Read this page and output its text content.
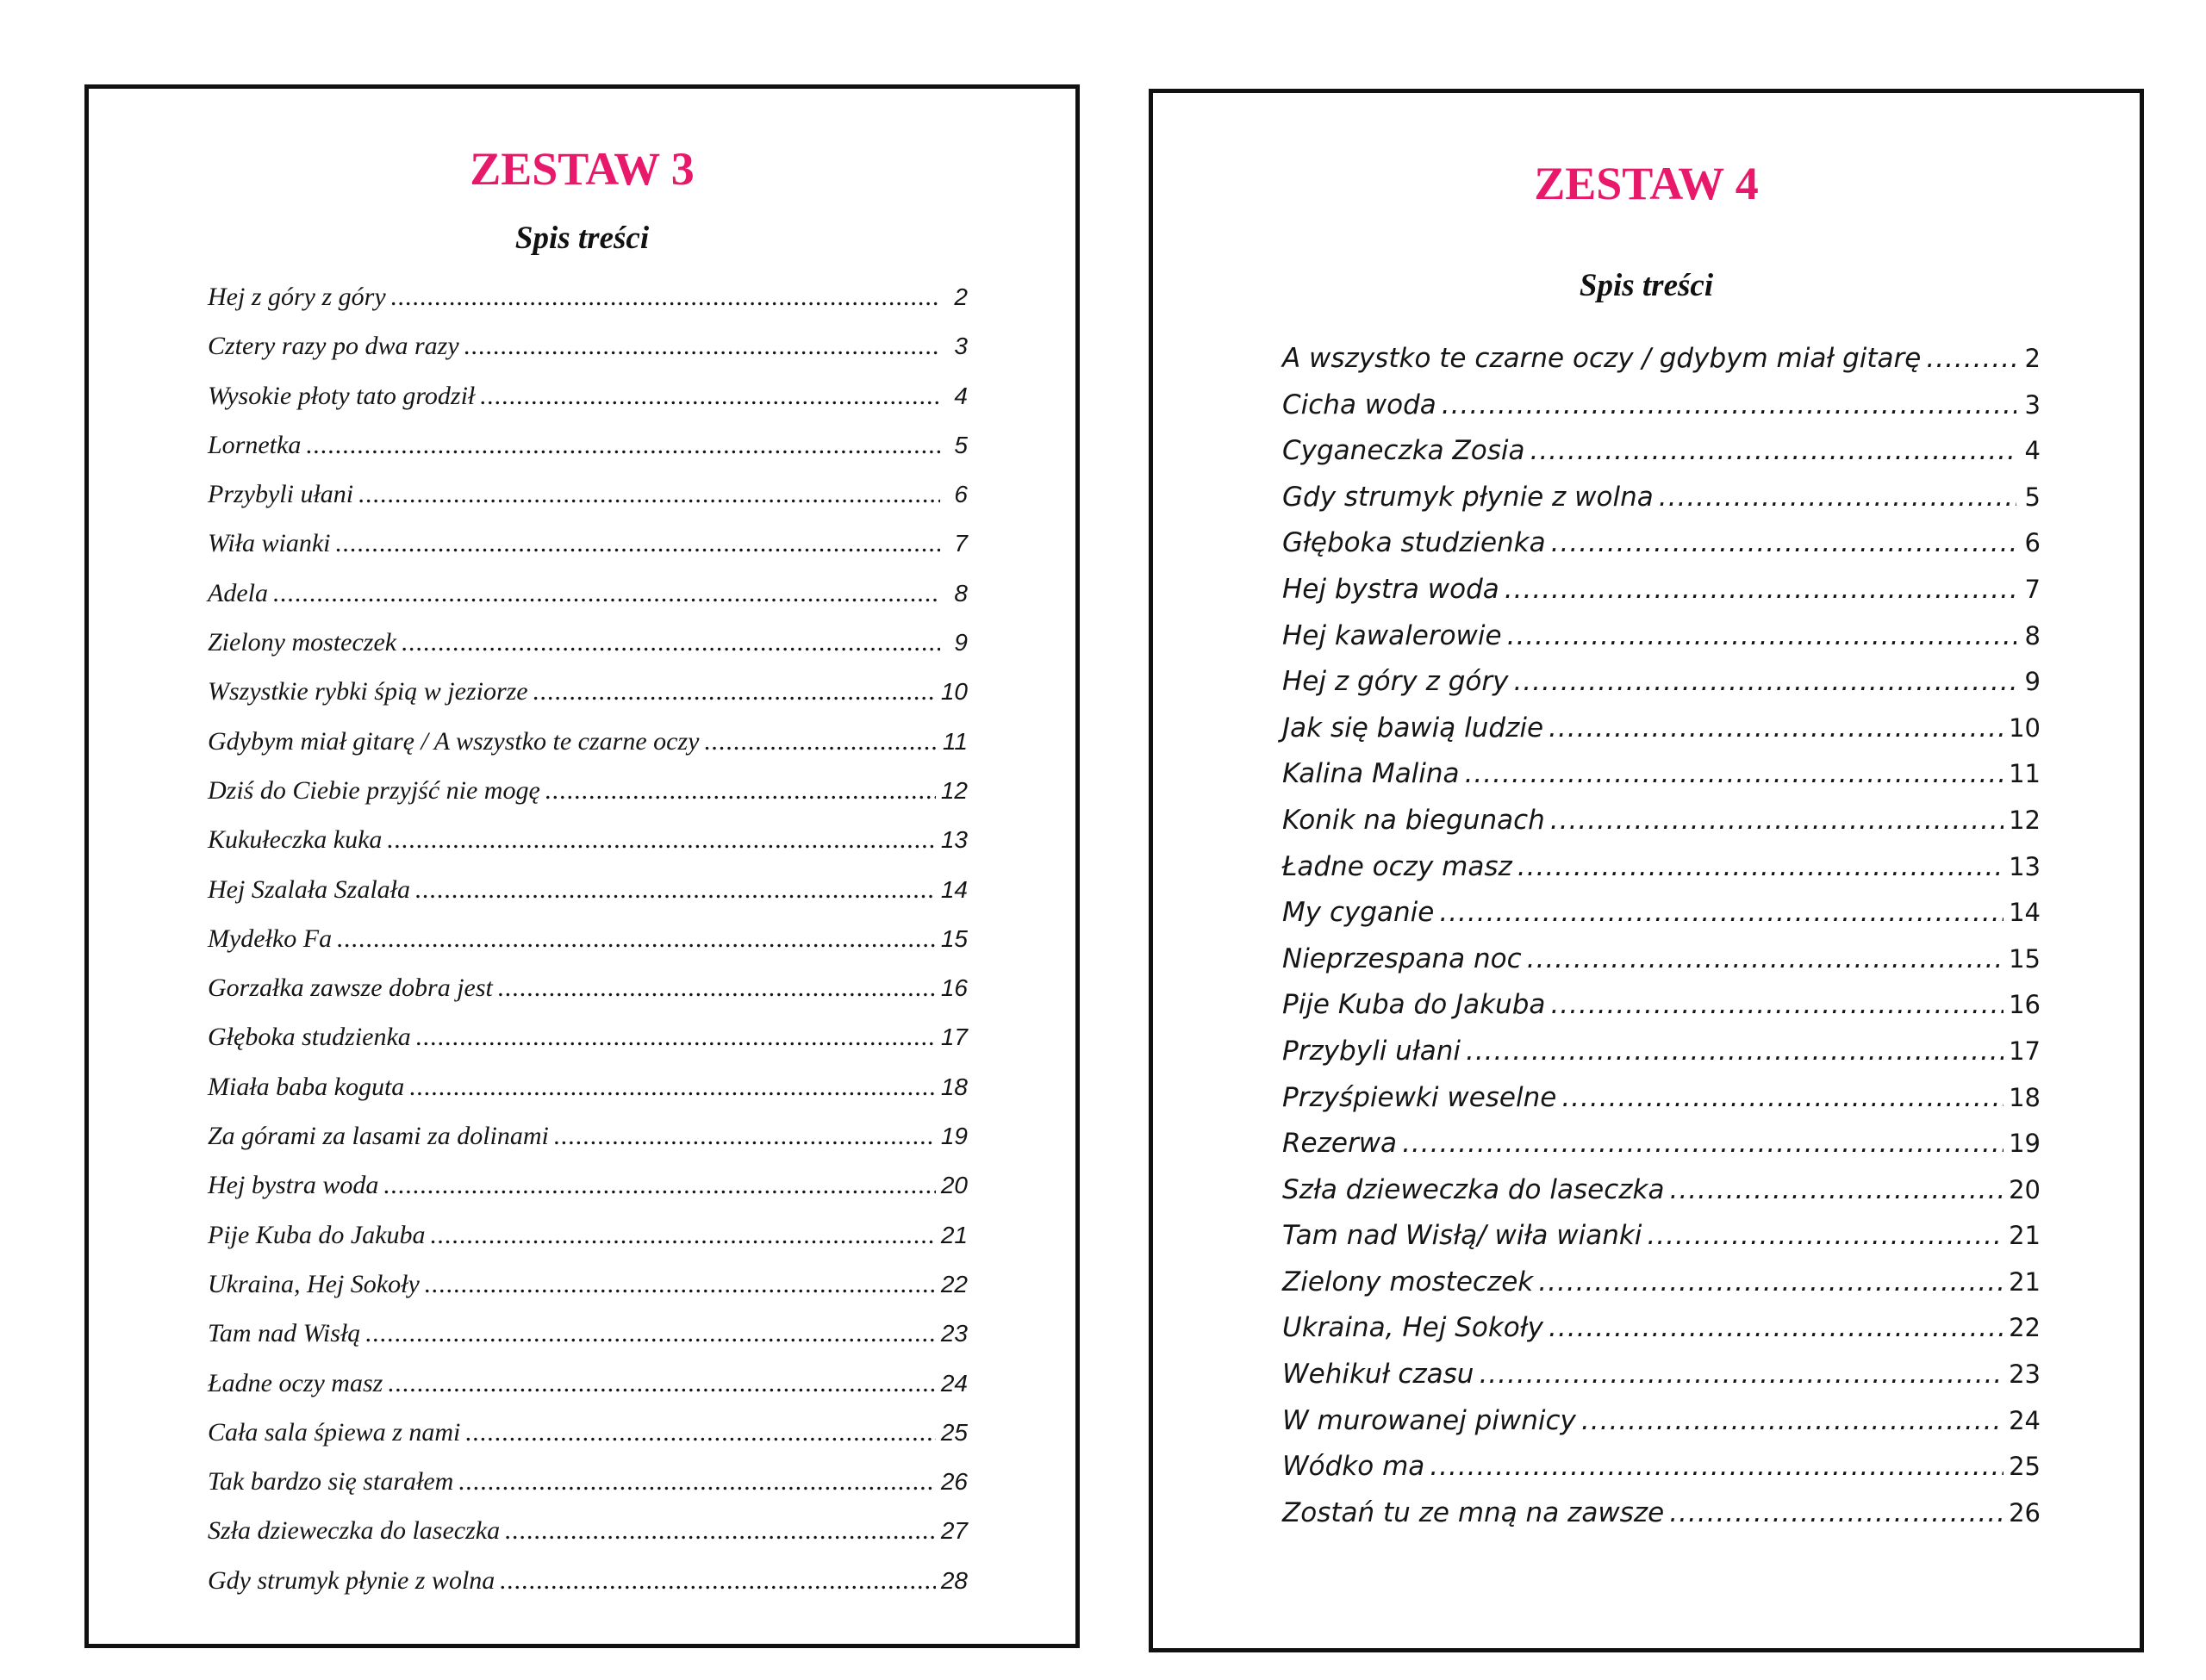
ZESTAW 3
Spis treści
Hej z góry z góry .....	2
Cztery razy po dwa razy .....	3
Wysokie płoty tato grodził .....	4
Lornetka .....	5
Przybyli ułani .....	6
Wiła wianki .....	7
Adela .....	8
Zielony mosteczek .....	9
Wszystkie rybki śpią w jeziorze .....	10
Gdybym miał gitarę / A wszystko te czarne oczy .....	11
Dziś do Ciebie przyjść nie mogę .....	12
Kukułeczka kuka .....	13
Hej Szalała Szalała .....	14
Mydełko Fa .....	15
Gorzałka zawsze dobra jest .....	16
Głęboka studzienka .....	17
Miała baba koguta .....	18
Za górami za lasami za dolinami .....	19
Hej bystra woda .....	20
Pije Kuba do Jakuba .....	21
Ukraina, Hej Sokoły .....	22
Tam nad Wisłą .....	23
Ładne oczy masz .....	24
Cała sala śpiewa z nami .....	25
Tak bardzo się starałem .....	26
Szła dzieweczka do laseczka .....	27
Gdy strumyk płynie z wolna .....	28
ZESTAW 4
Spis treści
A wszystko te czarne oczy / gdybym miał gitarę .....	2
Cicha woda .....	3
Cyganeczka Zosia .....	4
Gdy strumyk płynie z wolna .....	5
Głęboka studzienka .....	6
Hej bystra woda .....	7
Hej kawalerowie .....	8
Hej z góry z góry .....	9
Jak się bawią ludzie .....	10
Kalina Malina .....	11
Konik na biegunach .....	12
Ładne oczy masz .....	13
My cyganie .....	14
Nieprzespana noc .....	15
Pije Kuba do Jakuba .....	16
Przybyli ułani .....	17
Przyśpiewki weselne .....	18
Rezerwa .....	19
Szła dzieweczka do laseczka .....	20
Tam nad Wisłą/ wiła wianki .....	21
Zielony mosteczek .....	21
Ukraina, Hej Sokoły .....	22
Wehikuł czasu .....	23
W murowanej piwnicy .....	24
Wódko ma .....	25
Zostań tu ze mną na zawsze .....	26
